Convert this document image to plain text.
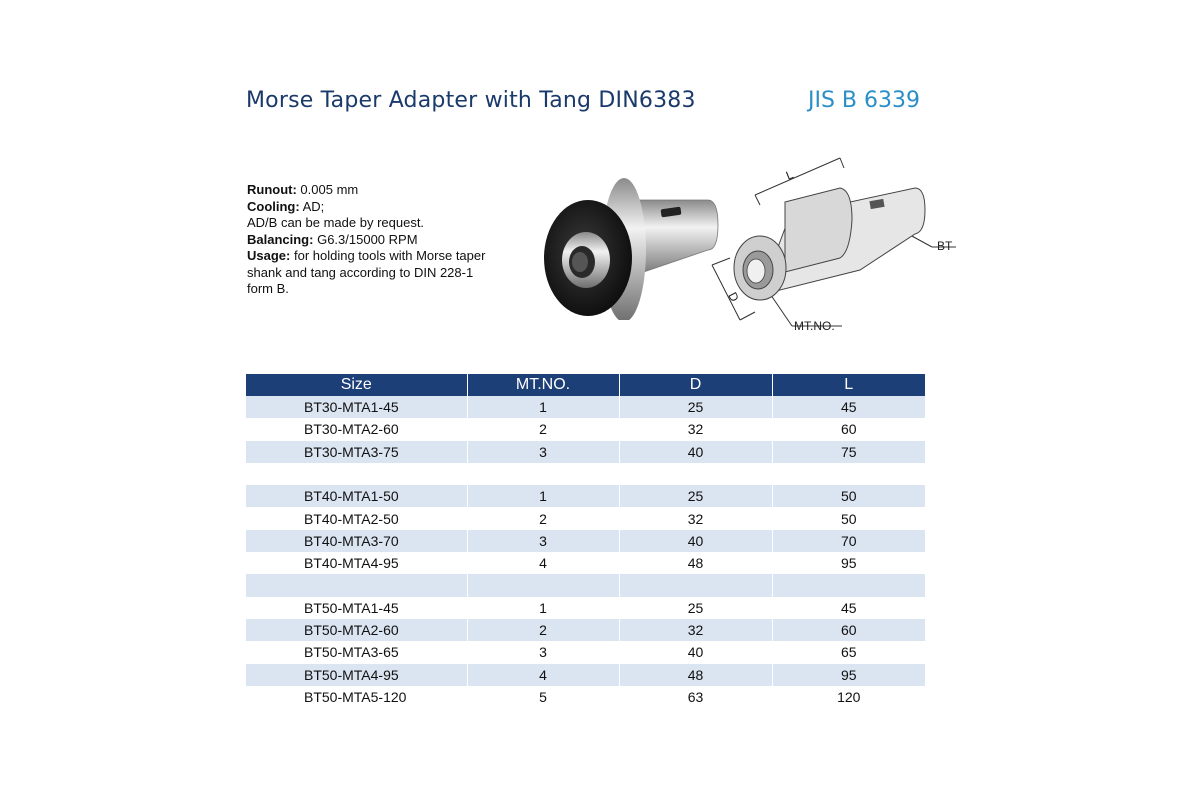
Morse Taper Adapter with Tang DIN6383	JIS B 6339
Runout: 0.005 mm
Cooling: AD;
AD/B can be made by request.
Balancing: G6.3/15000 RPM
Usage: for holding tools with Morse taper shank and tang according to DIN 228-1 form B.
L
D
BT
MT.NO.
Size	MT.NO.	D	L
BT30-MTA1-45	1	25	45
BT30-MTA2-60	2	32	60
BT30-MTA3-75	3	40	75

BT40-MTA1-50	1	25	50
BT40-MTA2-50	2	32	50
BT40-MTA3-70	3	40	70
BT40-MTA4-95	4	48	95

BT50-MTA1-45	1	25	45
BT50-MTA2-60	2	32	60
BT50-MTA3-65	3	40	65
BT50-MTA4-95	4	48	95
BT50-MTA5-120	5	63	120
